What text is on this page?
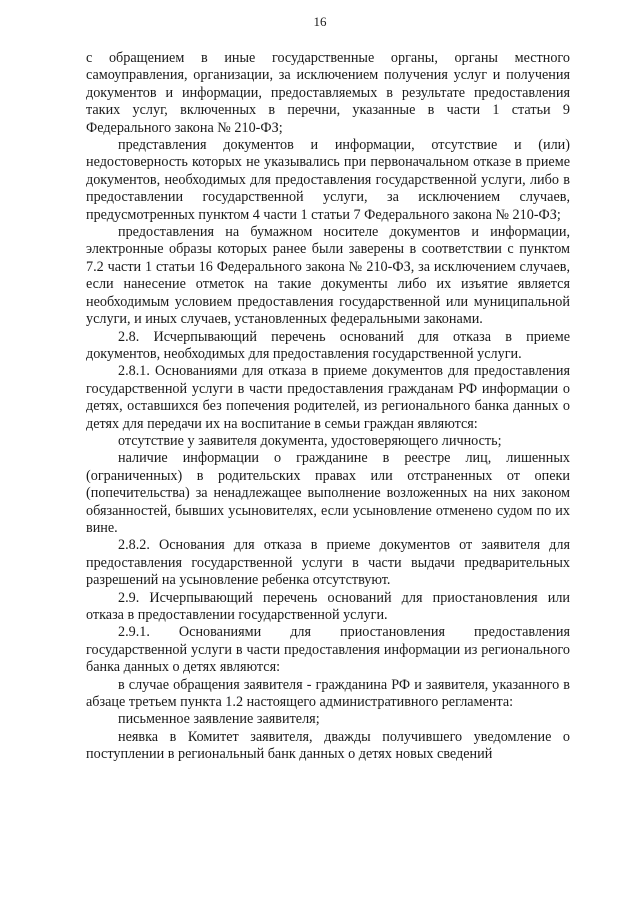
16

с обращением в иные государственные органы, органы местного самоуправления, организации, за исключением получения услуг и получения документов и информации, предоставляемых в результате предоставления таких услуг, включенных в перечни, указанные в части 1 статьи 9 Федерального закона № 210-ФЗ;

представления документов и информации, отсутствие и (или) недостоверность которых не указывались при первоначальном отказе в приеме документов, необходимых для предоставления государственной услуги, либо в предоставлении государственной услуги, за исключением случаев, предусмотренных пунктом 4 части 1 статьи 7 Федерального закона № 210-ФЗ;

предоставления на бумажном носителе документов и информации, электронные образы которых ранее были заверены в соответствии с пунктом 7.2 части 1 статьи 16 Федерального закона № 210-ФЗ, за исключением случаев, если нанесение отметок на такие документы либо их изъятие является необходимым условием предоставления государственной или муниципальной услуги, и иных случаев, установленных федеральными законами.

2.8. Исчерпывающий перечень оснований для отказа в приеме документов, необходимых для предоставления государственной услуги.

2.8.1. Основаниями для отказа в приеме документов для предоставления государственной услуги в части предоставления гражданам РФ информации о детях, оставшихся без попечения родителей, из регионального банка данных о детях для передачи их на воспитание в семьи граждан являются:

отсутствие у заявителя документа, удостоверяющего личность;

наличие информации о гражданине в реестре лиц, лишенных (ограниченных) в родительских правах или отстраненных от опеки (попечительства) за ненадлежащее выполнение возложенных на них законом обязанностей, бывших усыновителях, если усыновление отменено судом по их вине.

2.8.2. Основания для отказа в приеме документов от заявителя для предоставления государственной услуги в части выдачи предварительных разрешений на усыновление ребенка отсутствуют.

2.9. Исчерпывающий перечень оснований для приостановления или отказа в предоставлении государственной услуги.

2.9.1. Основаниями для приостановления предоставления государственной услуги в части предоставления информации из регионального банка данных о детях являются:

в случае обращения заявителя - гражданина РФ и заявителя, указанного в абзаце третьем пункта 1.2 настоящего административного регламента:

письменное заявление заявителя;

неявка в Комитет заявителя, дважды получившего уведомление о поступлении в региональный банк данных о детях новых сведений
